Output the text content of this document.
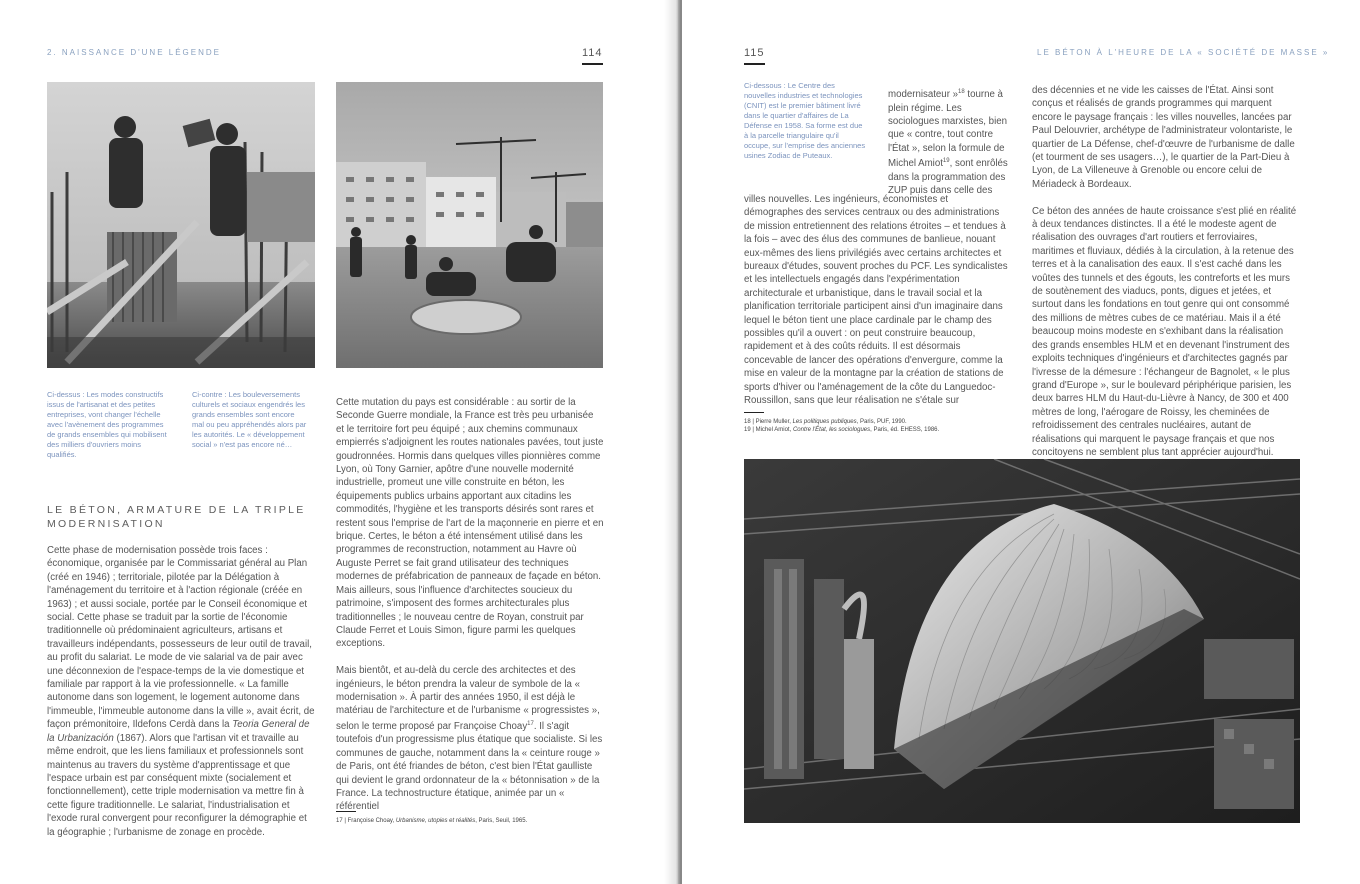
2. NAISSANCE D'UNE LÉGENDE	114
Ci-dessus : Les modes constructifs issus de l'artisanat et des petites entreprises, vont changer l'échelle avec l'avènement des programmes de grands ensembles qui mobilisent des milliers d'ouvriers moins qualifiés.
Ci-contre : Les bouleversements culturels et sociaux engendrés les grands ensembles sont encore mal ou peu appréhendés alors par les autorités. Le « développement social » n'est pas encore né…
LE BÉTON, ARMATURE DE LA TRIPLE MODERNISATION

Cette phase de modernisation possède trois faces : économique, organisée par le Commissariat général au Plan (créé en 1946) ; territoriale, pilotée par la Délégation à l'aménagement du territoire et à l'action régionale (créée en 1963) ; et aussi sociale, portée par le Conseil économique et social. Cette phase se traduit par la sortie de l'économie traditionnelle où prédominaient agriculteurs, artisans et travailleurs indépendants, possesseurs de leur outil de travail, au profit du salariat. Le mode de vie salarial va de pair avec une déconnexion de l'espace-temps de la vie domestique et familiale par rapport à la vie professionnelle. « La famille autonome dans son logement, le logement autonome dans l'immeuble, l'immeuble autonome dans la ville », avait écrit, de façon prémonitoire, Ildefons Cerdà dans la Teoria General de la Urbanización (1867). Alors que l'artisan vit et travaille au même endroit, que les liens familiaux et professionnels sont maintenus au travers du système d'apprentissage et que l'espace urbain est par conséquent mixte (socialement et fonctionnellement), cette triple modernisation va mettre fin à cette figure traditionnelle. Le salariat, l'industrialisation et l'exode rural convergent pour reconfigurer la démographie et la géographie ; l'urbanisme de zonage en procède.

Cette mutation du pays est considérable : au sortir de la Seconde Guerre mondiale, la France est très peu urbanisée et le territoire fort peu équipé ; aux chemins communaux empierrés s'adjoignent les routes nationales pavées, tout juste goudronnées. Hormis dans quelques villes pionnières comme Lyon, où Tony Garnier, apôtre d'une nouvelle modernité industrielle, promeut une ville construite en béton, les équipements publics urbains apportant aux citadins les commodités, l'hygiène et les transports désirés sont rares et restent sous l'emprise de l'art de la maçonnerie en pierre et en brique. Certes, le béton a été intensément utilisé dans les programmes de reconstruction, notamment au Havre où Auguste Perret se fait grand utilisateur des techniques modernes de préfabrication de panneaux de façade en béton. Mais ailleurs, sous l'influence d'architectes soucieux du patrimoine, s'imposent des formes architecturales plus traditionnelles ; le nouveau centre de Royan, construit par Claude Ferret et Louis Simon, figure parmi les quelques exceptions.

Mais bientôt, et au-delà du cercle des architectes et des ingénieurs, le béton prendra la valeur de symbole de la « modernisation ». À partir des années 1950, il est déjà le matériau de l'architecture et de l'urbanisme « progressistes », selon le terme proposé par Françoise Choay$^{17}$. Il s'agit toutefois d'un progressisme plus étatique que socialiste. Si les communes de gauche, notamment dans la « ceinture rouge » de Paris, ont été friandes de béton, c'est bien l'État gaulliste qui devient le grand ordonnateur de la « bétonnisation » de la France. La technostructure étatique, animée par un « référentiel

17 | Françoise Choay, Urbanisme, utopies et réalités, Paris, Seuil, 1965.
115	LE BÉTON À L'HEURE DE LA « SOCIÉTÉ DE MASSE »
Ci-dessous : Le Centre des nouvelles industries et technologies (CNIT) est le premier bâtiment livré dans le quartier d'affaires de La Défense en 1958. Sa forme est due à la parcelle triangulaire qu'il occupe, sur l'emprise des anciennes usines Zodiac de Puteaux.

modernisateur »$^{18}$ tourne à plein régime. Les sociologues marxistes, bien que « contre, tout contre l'État », selon la formule de Michel Amiot$^{19}$, sont enrôlés dans la programmation des ZUP puis dans celle des

villes nouvelles. Les ingénieurs, économistes et démographes des services centraux ou des administrations de mission entretiennent des relations étroites – et tendues à la fois – avec des élus des communes de banlieue, nouant eux-mêmes des liens privilégiés avec certains architectes et bureaux d'études, souvent proches du PCF. Les syndicalistes et les intellectuels engagés dans l'expérimentation architecturale et urbanistique, dans le travail social et la planification territoriale participent ainsi d'un imaginaire dans lequel le béton tient une place cardinale par le champ des possibles qu'il a ouvert : on peut construire beaucoup, rapidement et à des coûts réduits. Il est désormais concevable de lancer des opérations d'envergure, comme la mise en valeur de la montagne par la création de stations de sports d'hiver ou l'aménagement de la côte du Languedoc-Roussillon, sans que leur réalisation ne s'étale sur
18 | Pierre Muller, Les politiques publiques, Paris, PUF, 1990.
19 | Michel Amiot, Contre l'État, les sociologues, Paris, éd. EHESS, 1986.

des décennies et ne vide les caisses de l'État. Ainsi sont conçus et réalisés de grands programmes qui marquent encore le paysage français : les villes nouvelles, lancées par Paul Delouvrier, archétype de l'administrateur volontariste, le quartier de La Défense, chef-d'œuvre de l'urbanisme de dalle (et tourment de ses usagers…), le quartier de la Part-Dieu à Lyon, de La Villeneuve à Grenoble ou encore celui de Mériadeck à Bordeaux.

Ce béton des années de haute croissance s'est plié en réalité à deux tendances distinctes. Il a été le modeste agent de réalisation des ouvrages d'art routiers et ferroviaires, maritimes et fluviaux, dédiés à la circulation, à la retenue des terres et à la canalisation des eaux. Il s'est caché dans les voûtes des tunnels et des égouts, les contreforts et les murs de soutènement des viaducs, ponts, digues et jetées, et surtout dans les fondations en tout genre qui ont consommé des millions de mètres cubes de ce matériau. Mais il a été beaucoup moins modeste en s'exhibant dans la réalisation des grands ensembles HLM et en devenant l'instrument des exploits techniques d'ingénieurs et d'architectes gagnés par l'ivresse de la démesure : l'échangeur de Bagnolet, « le plus grand d'Europe », sur le boulevard périphérique parisien, les deux barres HLM du Haut-du-Lièvre à Nancy, de 300 et 400 mètres de long, l'aérogare de Roissy, les cheminées de refroidissement des centrales nucléaires, autant de réalisations qui marquent le paysage français et que nos concitoyens ne semblent plus tant apprécier aujourd'hui.
